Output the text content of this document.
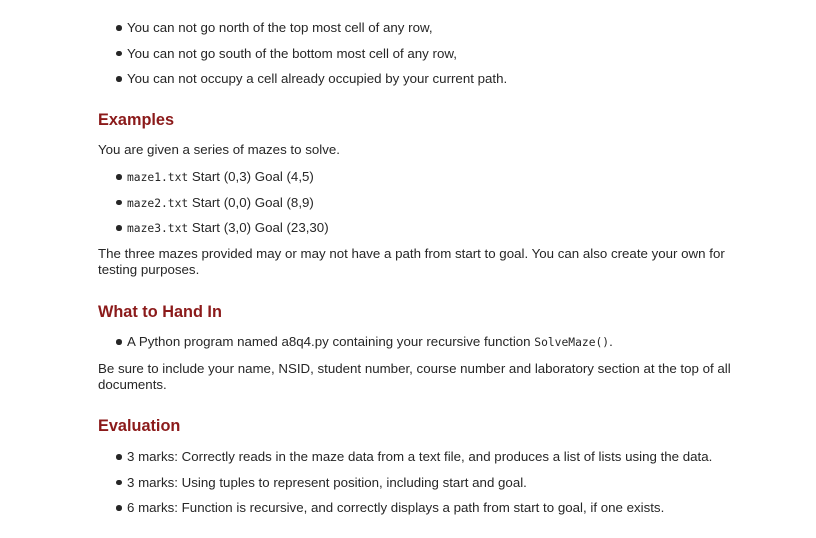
You can not go north of the top most cell of any row,
You can not go south of the bottom most cell of any row,
You can not occupy a cell already occupied by your current path.
Examples

You are given a series of mazes to solve.

maze1.txt Start (0,3) Goal (4,5)
maze2.txt Start (0,0) Goal (8,9)
maze3.txt Start (3,0) Goal (23,30)

The three mazes provided may or may not have a path from start to goal. You can also create your own for testing purposes.

What to Hand In
A Python program named a8q4.py containing your recursive function SolveMaze().

Be sure to include your name, NSID, student number, course number and laboratory section at the top of all documents.

Evaluation
3 marks: Correctly reads in the maze data from a text file, and produces a list of lists using the data.
3 marks: Using tuples to represent position, including start and goal.
6 marks: Function is recursive, and correctly displays a path from start to goal, if one exists.
